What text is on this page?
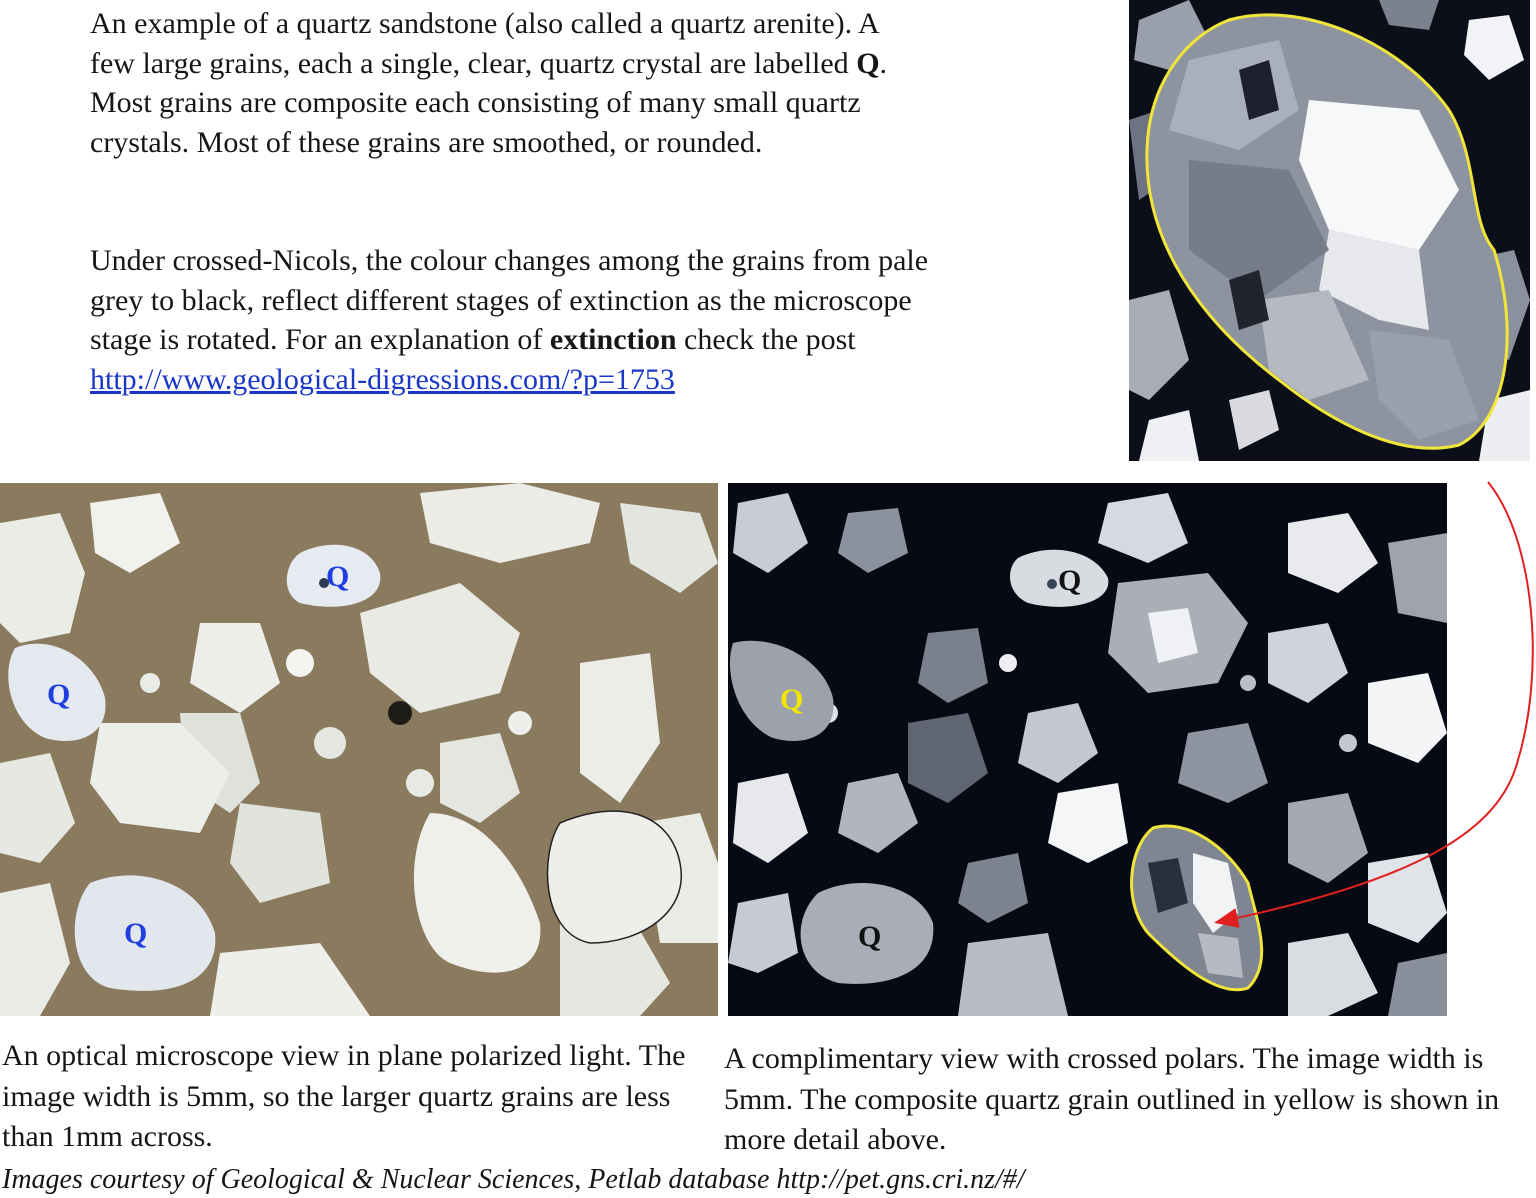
An example of a quartz sandstone (also called a quartz arenite). A few large grains, each a single, clear, quartz crystal are labelled Q. Most grains are composite each consisting of many small quartz crystals. Most of these grains are smoothed, or rounded.

Under crossed-Nicols, the colour changes among the grains from pale grey to black, reflect different stages of extinction as the microscope stage is rotated. For an explanation of extinction check the post
http://www.geological-digressions.com/?p=1753

Q
Q
Q
Q
Q
Q

An optical microscope view in plane polarized light. The image width is 5mm, so the larger quartz grains are less than 1mm across.

A complimentary view with crossed polars. The image width is 5mm. The composite quartz grain outlined in yellow is shown in more detail above.

Images courtesy of Geological & Nuclear Sciences, Petlab database http://pet.gns.cri.nz/#/
